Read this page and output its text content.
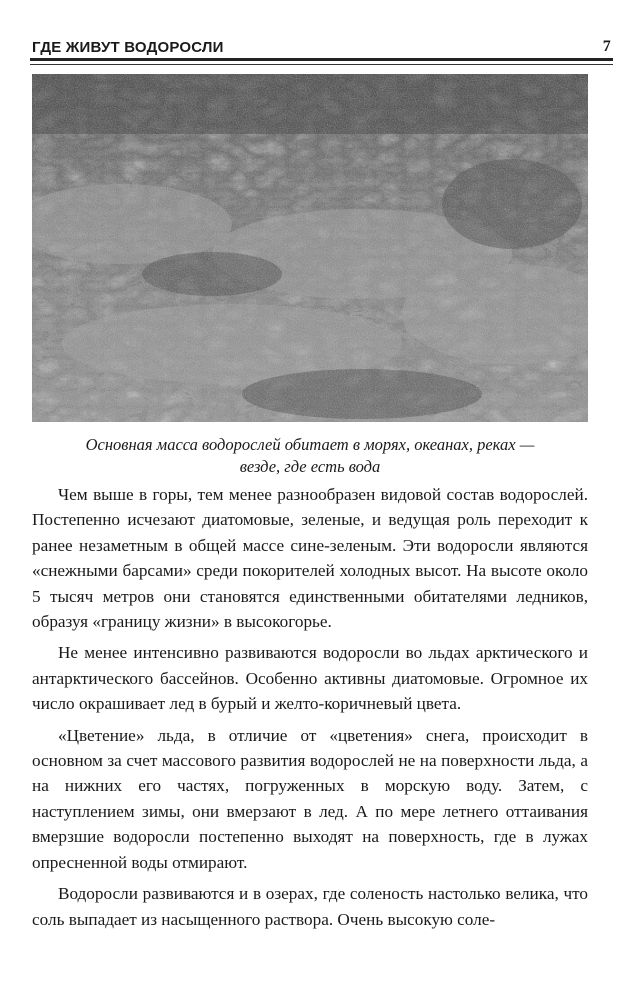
ГДЕ ЖИВУТ ВОДОРОСЛИ	7
Основная масса водорослей обитает в морях, океанах, реках —
везде, где есть вода

Чем выше в горы, тем менее разнообразен видовой состав водорослей. Постепенно исчезают диатомовые, зеленые, и ведущая роль переходит к ранее незаметным в общей массе сине-зеленым. Эти водоросли являются «снежными барсами» среди покорителей холодных высот. На высоте около 5 тысяч метров они становятся единственными обитателями ледников, образуя «границу жизни» в высокогорье.

Не менее интенсивно развиваются водоросли во льдах арктического и антарктического бассейнов. Особенно активны диатомовые. Огромное их число окрашивает лед в бурый и желто-коричневый цвета.

«Цветение» льда, в отличие от «цветения» снега, происходит в основном за счет массового развития водорослей не на поверхности льда, а на нижних его частях, погруженных в морскую воду. Затем, с наступлением зимы, они вмерзают в лед. А по мере летнего оттаивания вмерзшие водоросли постепенно выходят на поверхность, где в лужах опресненной воды отмирают.

Водоросли развиваются и в озерах, где соленость настолько велика, что соль выпадает из насыщенного раствора. Очень высокую соле-
